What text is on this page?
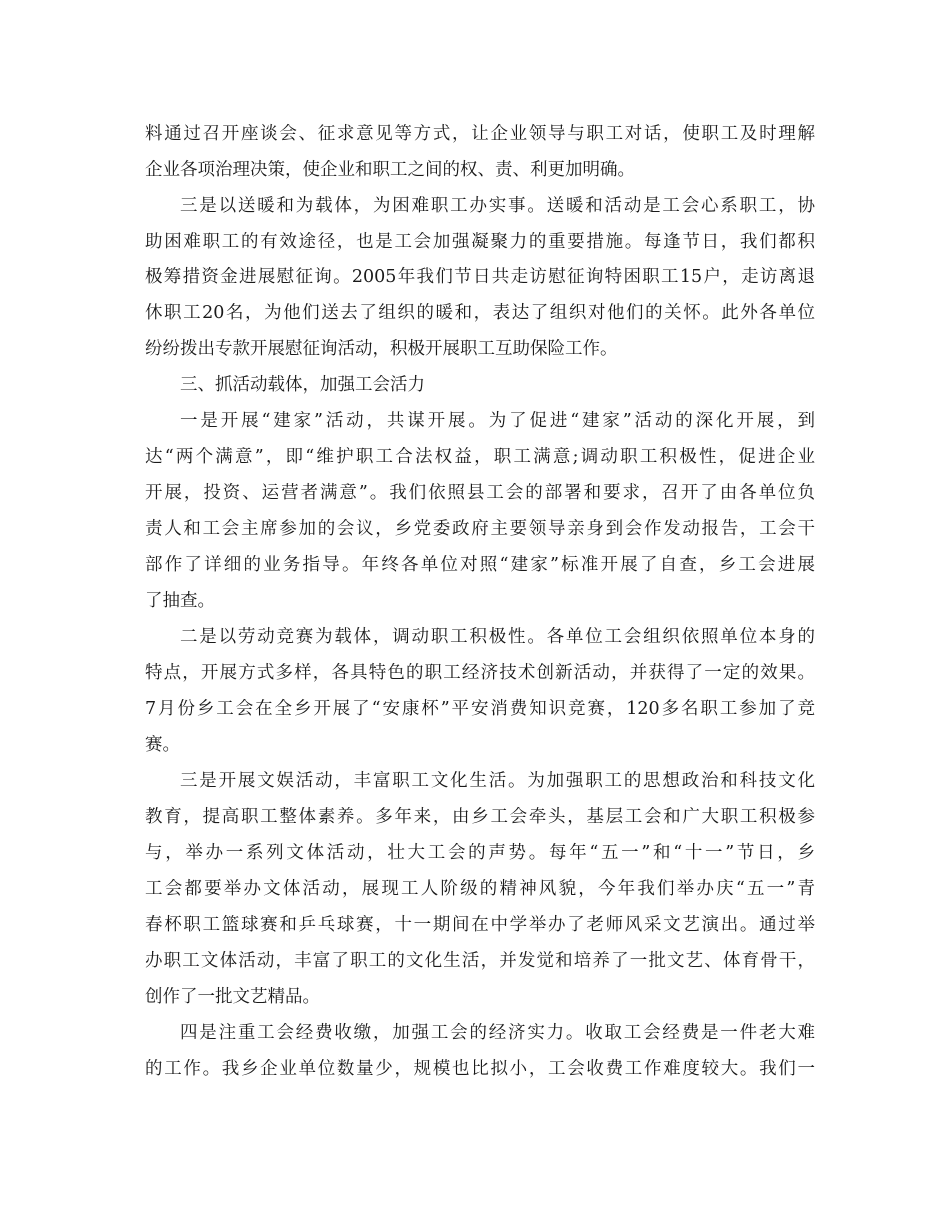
料通过召开座谈会、征求意见等方式，让企业领导与职工对话，使职工及时理解
企业各项治理决策，使企业和职工之间的权、责、利更加明确。
三是以送暖和为载体，为困难职工办实事。送暖和活动是工会心系职工，协
助困难职工的有效途径，也是工会加强凝聚力的重要措施。每逢节日，我们都积
极筹措资金进展慰征询。2005年我们节日共走访慰征询特困职工15户，走访离退
休职工20名，为他们送去了组织的暖和，表达了组织对他们的关怀。此外各单位
纷纷拨出专款开展慰征询活动，积极开展职工互助保险工作。
三、抓活动载体，加强工会活力
一是开展“建家”活动，共谋开展。为了促进“建家”活动的深化开展，到
达“两个满意”，即“维护职工合法权益，职工满意;调动职工积极性，促进企业
开展，投资、运营者满意”。我们依照县工会的部署和要求，召开了由各单位负
责人和工会主席参加的会议，乡党委政府主要领导亲身到会作发动报告，工会干
部作了详细的业务指导。年终各单位对照“建家”标准开展了自查，乡工会进展
了抽查。
二是以劳动竞赛为载体，调动职工积极性。各单位工会组织依照单位本身的
特点，开展方式多样，各具特色的职工经济技术创新活动，并获得了一定的效果。
7月份乡工会在全乡开展了“安康杯”平安消费知识竞赛，120多名职工参加了竞
赛。
三是开展文娱活动，丰富职工文化生活。为加强职工的思想政治和科技文化
教育，提高职工整体素养。多年来，由乡工会牵头，基层工会和广大职工积极参
与，举办一系列文体活动，壮大工会的声势。每年“五一”和“十一”节日，乡
工会都要举办文体活动，展现工人阶级的精神风貌，今年我们举办庆“五一”青
春杯职工篮球赛和乒乓球赛，十一期间在中学举办了老师风采文艺演出。通过举
办职工文体活动，丰富了职工的文化生活，并发觉和培养了一批文艺、体育骨干，
创作了一批文艺精品。
四是注重工会经费收缴，加强工会的经济实力。收取工会经费是一件老大难
的工作。我乡企业单位数量少，规模也比拟小，工会收费工作难度较大。我们一
